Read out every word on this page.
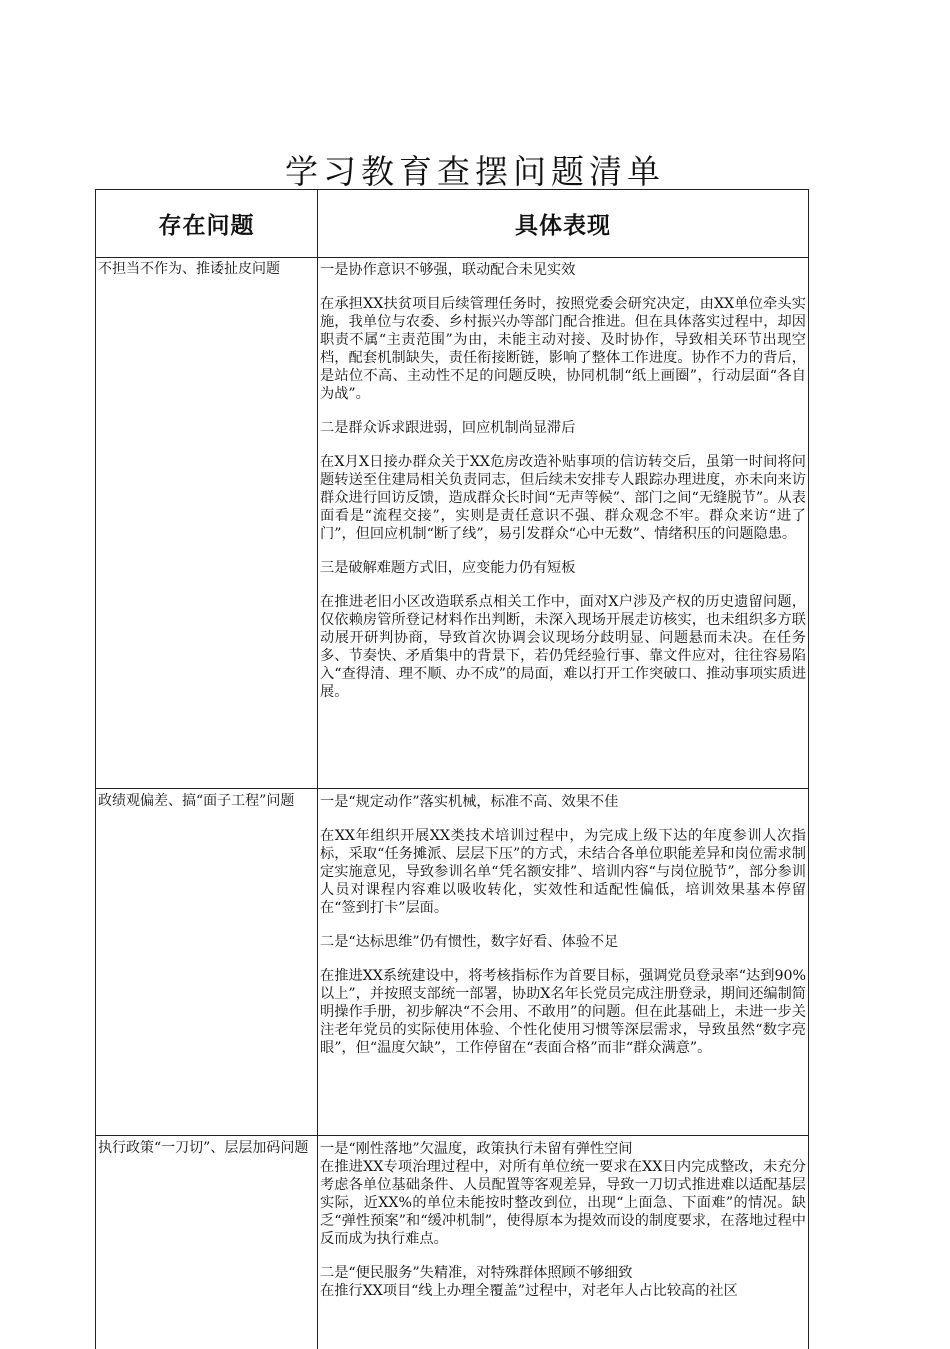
学习教育查摆问题清单
存在问题	具体表现
不担当不作为、推诿扯皮问题	一是协作意识不够强，联动配合未见实效

在承担XX扶贫项目后续管理任务时，按照党委会研究决定，由XX单位牵头实施，我单位与农委、乡村振兴办等部门配合推进。但在具体落实过程中，却因职责不属“主责范围”为由，未能主动对接、及时协作，导致相关环节出现空档，配套机制缺失，责任衔接断链，影响了整体工作进度。协作不力的背后，是站位不高、主动性不足的问题反映，协同机制“纸上画圈”，行动层面“各自为战”。

二是群众诉求跟进弱，回应机制尚显滞后

在X月X日接办群众关于XX危房改造补贴事项的信访转交后，虽第一时间将问题转送至住建局相关负责同志，但后续未安排专人跟踪办理进度，亦未向来访群众进行回访反馈，造成群众长时间“无声等候”、部门之间“无缝脱节”。从表面看是“流程交接”，实则是责任意识不强、群众观念不牢。群众来访“进了门”，但回应机制“断了线”，易引发群众“心中无数”、情绪积压的问题隐患。

三是破解难题方式旧，应变能力仍有短板

在推进老旧小区改造联系点相关工作中，面对X户涉及产权的历史遗留问题，仅依赖房管所登记材料作出判断，未深入现场开展走访核实，也未组织多方联动展开研判协商，导致首次协调会议现场分歧明显、问题悬而未决。在任务多、节奏快、矛盾集中的背景下，若仍凭经验行事、靠文件应对，往往容易陷入“查得清、理不顺、办不成”的局面，难以打开工作突破口、推动事项实质进展。

政绩观偏差、搞“面子工程”问题	一是“规定动作”落实机械，标准不高、效果不佳

在XX年组织开展XX类技术培训过程中，为完成上级下达的年度参训人次指标，采取“任务摊派、层层下压”的方式，未结合各单位职能差异和岗位需求制定实施意见，导致参训名单“凭名额安排”、培训内容“与岗位脱节”，部分参训人员对课程内容难以吸收转化，实效性和适配性偏低，培训效果基本停留在“签到打卡”层面。

二是“达标思维”仍有惯性，数字好看、体验不足

在推进XX系统建设中，将考核指标作为首要目标，强调党员登录率“达到90%以上”，并按照支部统一部署，协助X名年长党员完成注册登录，期间还编制简明操作手册，初步解决“不会用、不敢用”的问题。但在此基础上，未进一步关注老年党员的实际使用体验、个性化使用习惯等深层需求，导致虽然“数字亮眼”，但“温度欠缺”，工作停留在“表面合格”而非“群众满意”。

执行政策“一刀切”、层层加码问题 一是“刚性落地”欠温度，政策执行未留有弹性空间

在推进XX专项治理过程中，对所有单位统一要求在XX日内完成整改，未充分考虑各单位基础条件、人员配置等客观差异，导致一刀切式推进难以适配基层实际，近XX%的单位未能按时整改到位，出现“上面急、下面难”的情况。缺乏“弹性预案”和“缓冲机制”，使得原本为提效而设的制度要求，在落地过程中反而成为执行难点。

二是“便民服务”失精准，对特殊群体照顾不够细致

在推行XX项目“线上办理全覆盖”过程中，对老年人占比较高的社区
